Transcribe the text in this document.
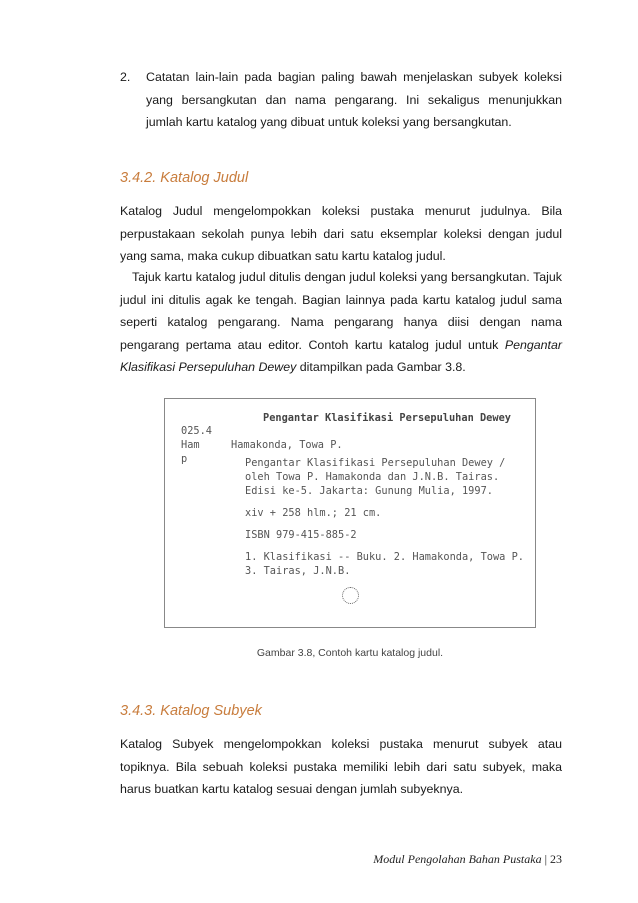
2. Catatan lain-lain pada bagian paling bawah menjelaskan subyek koleksi yang bersangkutan dan nama pengarang. Ini sekaligus menunjukkan jumlah kartu katalog yang dibuat untuk koleksi yang bersangkutan.

3.4.2. Katalog Judul

Katalog Judul mengelompokkan koleksi pustaka menurut judulnya. Bila perpustakaan sekolah punya lebih dari satu eksemplar koleksi dengan judul yang sama, maka cukup dibuatkan satu kartu katalog judul.

Tajuk kartu katalog judul ditulis dengan judul koleksi yang bersangkutan. Tajuk judul ini ditulis agak ke tengah. Bagian lainnya pada kartu katalog judul sama seperti katalog pengarang. Nama pengarang hanya diisi dengan nama pengarang pertama atau editor. Contoh kartu katalog judul untuk Pengantar Klasifikasi Persepuluhan Dewey ditampilkan pada Gambar 3.8.

Pengantar Klasifikasi Persepuluhan Dewey
025.4
Ham	Hamakonda, Towa P.
p	Pengantar Klasifikasi Persepuluhan Dewey /
oleh Towa P. Hamakonda dan J.N.B. Tairas.
Edisi ke-5. Jakarta: Gunung Mulia, 1997.
xiv + 258 hlm.; 21 cm.
ISBN 979-415-885-2
1. Klasifikasi -- Buku. 2. Hamakonda, Towa P.
3. Tairas, J.N.B.
Gambar 3.8, Contoh kartu katalog judul.
3.4.3. Katalog Subyek

Katalog Subyek mengelompokkan koleksi pustaka menurut subyek atau topiknya. Bila sebuah koleksi pustaka memiliki lebih dari satu subyek, maka harus buatkan kartu katalog sesuai dengan jumlah subyeknya.

Modul Pengolahan Bahan Pustaka | 23
